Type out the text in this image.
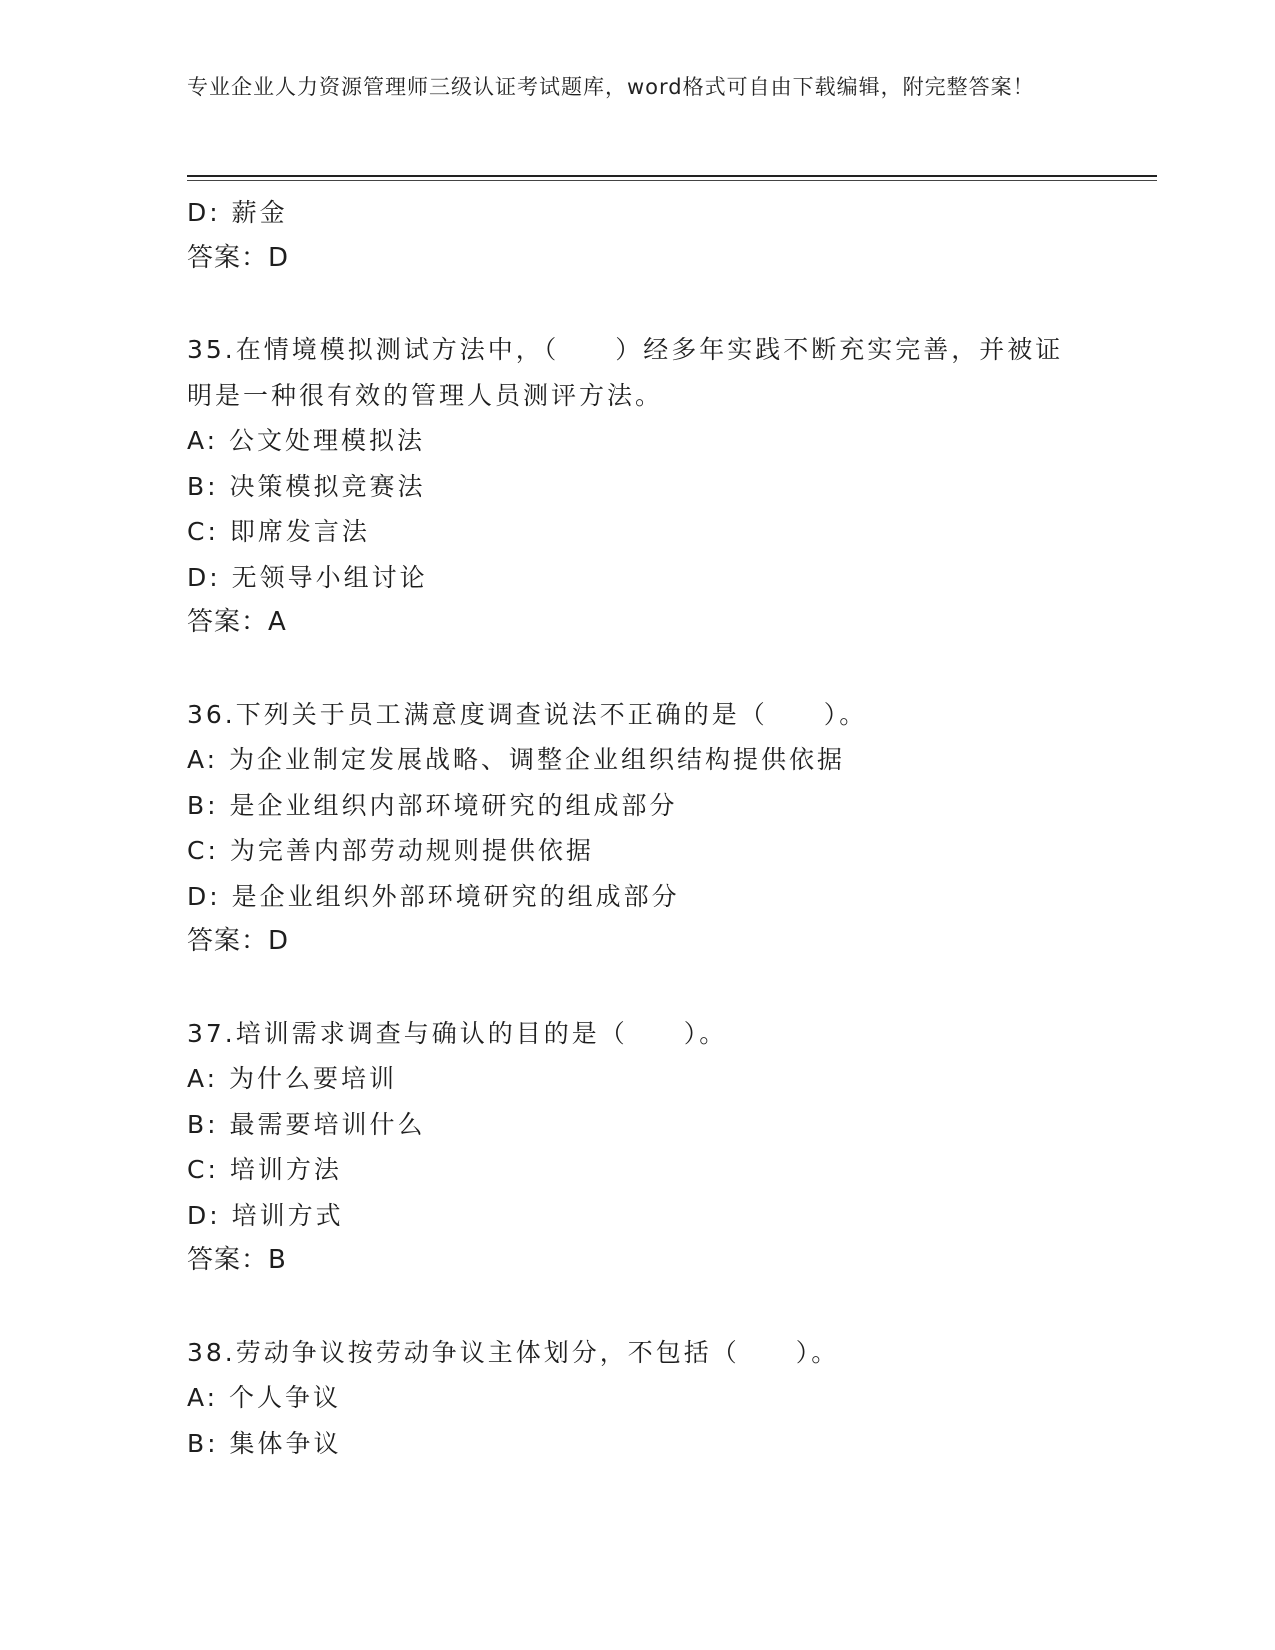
专业企业人力资源管理师三级认证考试题库，word格式可自由下载编辑，附完整答案！
D: 薪金
答案：D
35.在情境模拟测试方法中，（　　）经多年实践不断充实完善，并被证明是一种很有效的管理人员测评方法。
A: 公文处理模拟法
B: 决策模拟竞赛法
C: 即席发言法
D: 无领导小组讨论
答案：A
36.下列关于员工满意度调查说法不正确的是（　　）。
A: 为企业制定发展战略、调整企业组织结构提供依据
B: 是企业组织内部环境研究的组成部分
C: 为完善内部劳动规则提供依据
D: 是企业组织外部环境研究的组成部分
答案：D
37.培训需求调查与确认的目的是（　　）。
A: 为什么要培训
B: 最需要培训什么
C: 培训方法
D: 培训方式
答案：B
38.劳动争议按劳动争议主体划分，不包括（　　）。
A: 个人争议
B: 集体争议
